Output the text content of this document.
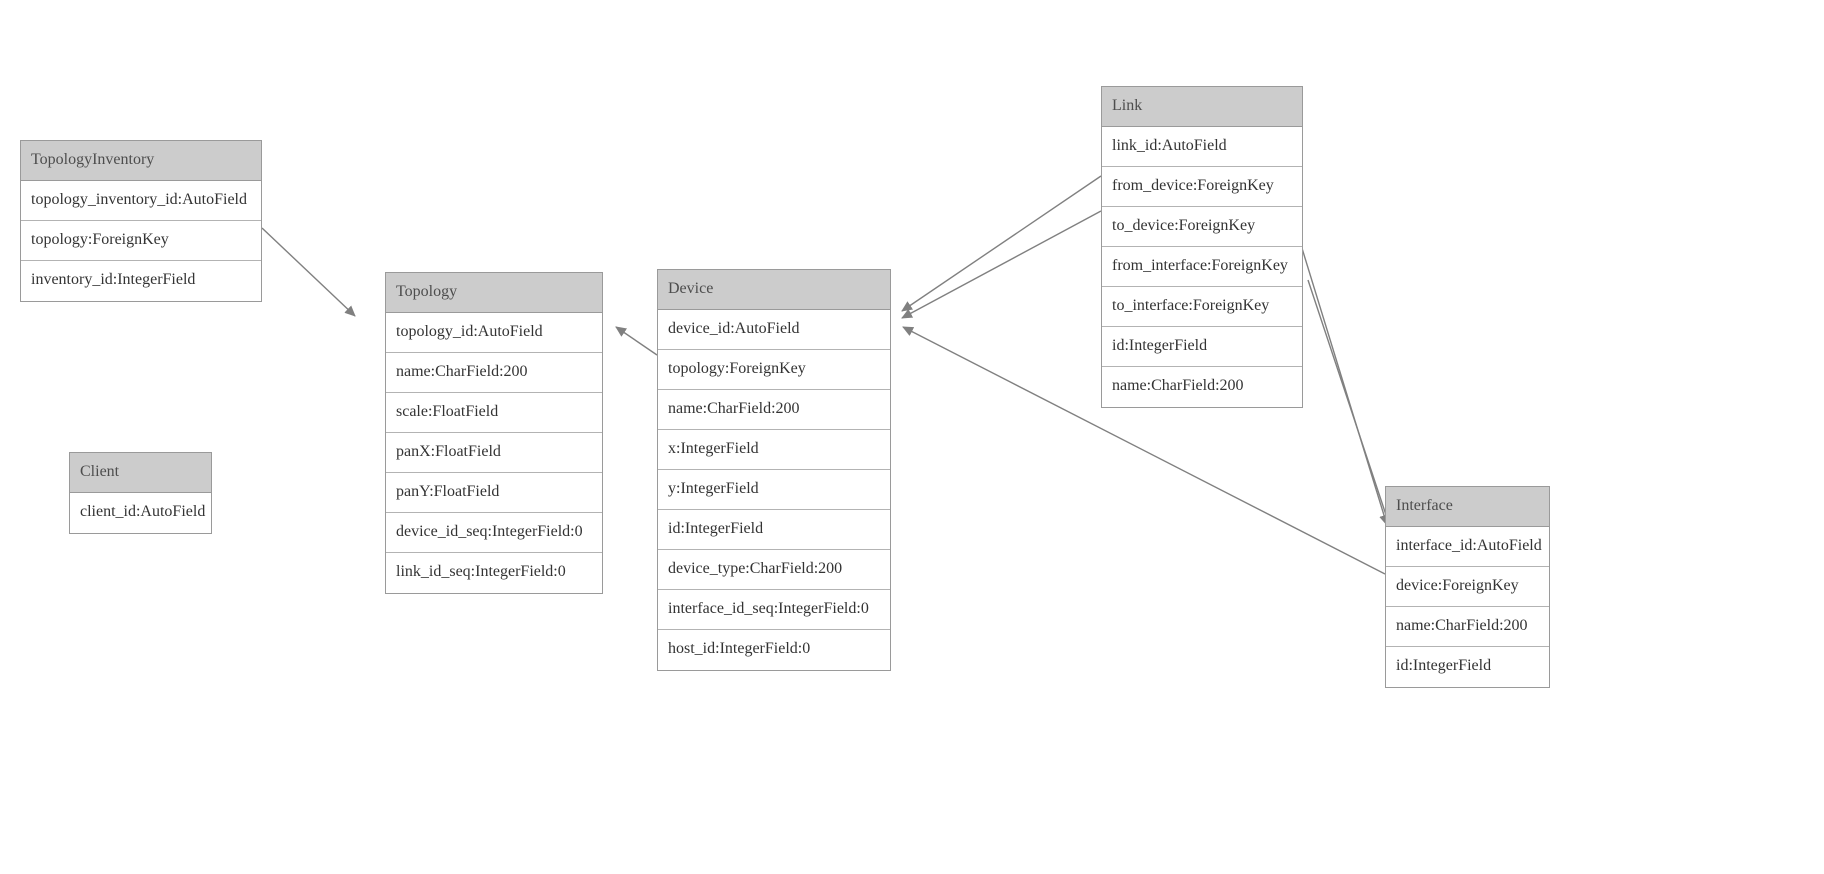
TopologyInventory
topology_inventory_id:AutoField
topology:ForeignKey
inventory_id:IntegerField
Topology
topology_id:AutoField
name:CharField:200
scale:FloatField
panX:FloatField
panY:FloatField
device_id_seq:IntegerField:0
link_id_seq:IntegerField:0
Device
device_id:AutoField
topology:ForeignKey
name:CharField:200
x:IntegerField
y:IntegerField
id:IntegerField
device_type:CharField:200
interface_id_seq:IntegerField:0
host_id:IntegerField:0
Link
link_id:AutoField
from_device:ForeignKey
to_device:ForeignKey
from_interface:ForeignKey
to_interface:ForeignKey
id:IntegerField
name:CharField:200
Interface
interface_id:AutoField
device:ForeignKey
name:CharField:200
id:IntegerField
Client
client_id:AutoField
